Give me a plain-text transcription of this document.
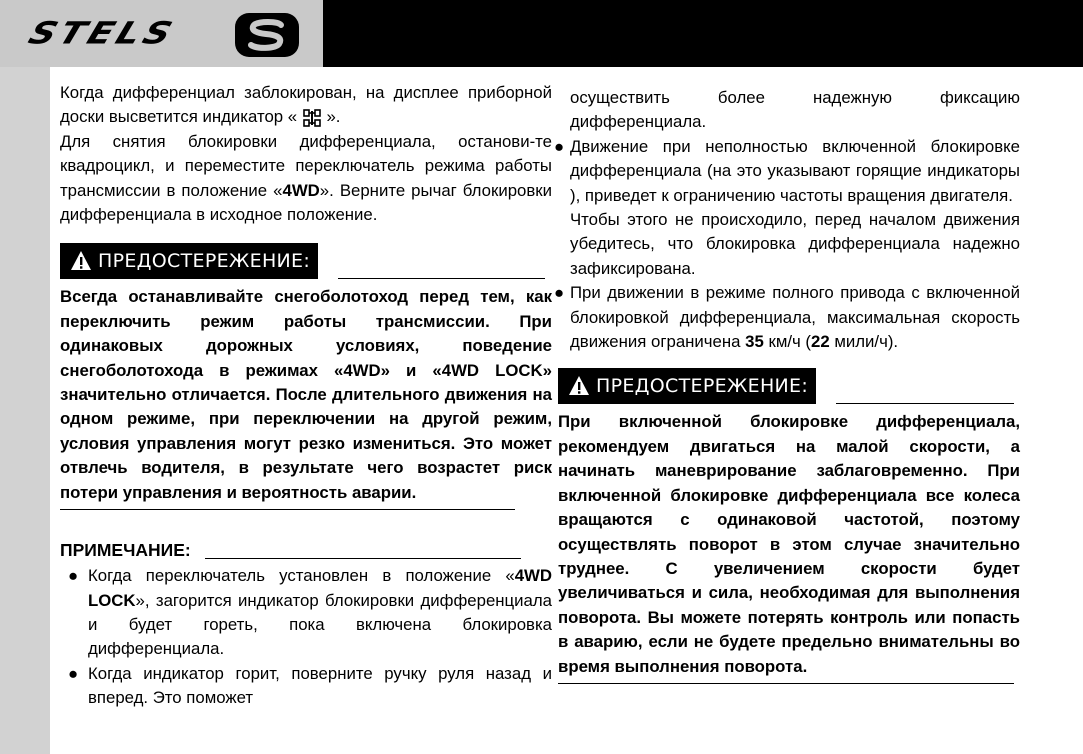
STELS

Когда дифференциал заблокирован, на дисплее приборной доски высветится индикатор « ».

Для снятия блокировки дифференциала, останови-те квадроцикл, и переместите переключатель режима работы трансмиссии в положение «4WD». Верните рычаг блокировки дифференциала в исходное положение.

ПРЕДОСТЕРЕЖЕНИЕ:

Всегда останавливайте снегоболотоход перед тем, как переключить режим работы трансмиссии. При одинаковых дорожных условиях, поведение снегоболотохода в режимах «4WD» и «4WD LOCK» значительно отличается. После длительного движения на одном режиме, при переключении на другой режим, условия управления могут резко измениться. Это может отвлечь водителя, в результате чего возрастет риск потери управления и вероятность аварии.

ПРИМЕЧАНИЕ:

● Когда переключатель установлен в положение «4WD LOCK», загорится индикатор блокировки дифференциала и будет гореть, пока включена блокировка дифференциала.

● Когда индикатор горит, поверните ручку руля назад и вперед. Это поможет

осуществить более надежную фиксацию дифференциала.

● Движение при неполностью включенной блокировке дифференциала (на это указывают горящие индикаторы ), приведет к ограничению частоты вращения двигателя.

Чтобы этого не происходило, перед началом движения убедитесь, что блокировка дифференциала надежно зафиксирована.

● При движении в режиме полного привода с включенной блокировкой дифференциала, максимальная скорость движения ограничена 35 км/ч (22 мили/ч).

ПРЕДОСТЕРЕЖЕНИЕ:

При включенной блокировке дифференциала, рекомендуем двигаться на малой скорости, а начинать маневрирование заблаговременно. При включенной блокировке дифференциала все колеса вращаются с одинаковой частотой, поэтому осуществлять поворот в этом случае значительно труднее. С увеличением скорости будет увеличиваться и сила, необходимая для выполнения поворота. Вы можете потерять контроль или попасть в аварию, если не будете предельно внимательны во время выполнения поворота.
